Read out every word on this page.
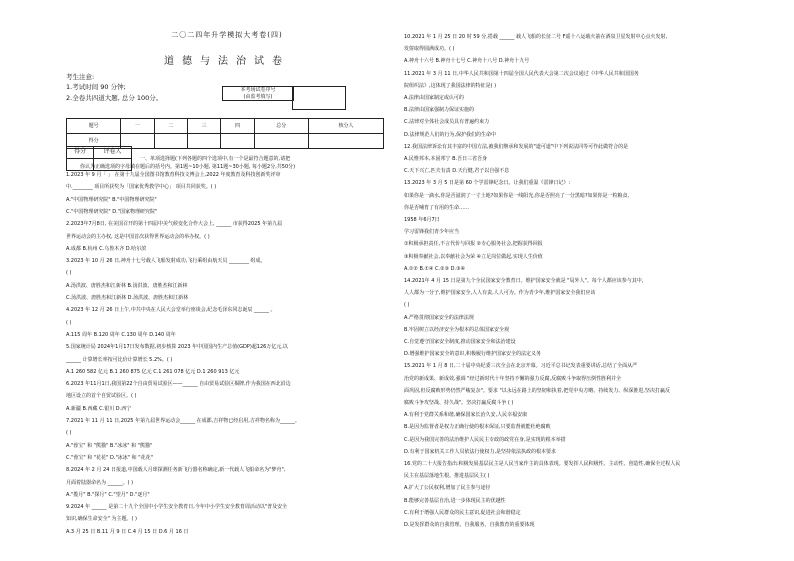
二〇二四年升学模拟大考卷(四)
道德与法治试卷
考生注意:
1.考试时间 90 分钟;
2.全卷共四道大题, 总分 100分。
本考场试卷序号
(由监考填写)
题号	一	二	三	四	总分	核分人
得分						
得分	评卷人

一、单项选择题(下列各题的四个选项中,有一个是最符合题意的,请把
1.2023 年 9 月「 」 在第十九届全国图书馆教育科技文博会上,2022 年度教育及科技创新奖评审
中.________ 项目所获奖为「国家优秀教学中心」 项目共同获奖。( )
A."中国物理研究院" B."中国物理研究院"
C."中国物理研究院" D."国家物理研究院"
2.2023年7月8日, 在美国召开的第十四届中美气候变化合作大会上, ______ 市获得2025 年第九届
世界运动会的主办权, 这是中国首次获得世界运动会的举办权。( )
A.成都 B.杭州 C.乌鲁木齐 D.哈尔滨
3.2023 年 10 月 26 日,神舟十七号载人飞船发射成功,飞行乘组由航天员 ________ 组成。
( )
A.汤洪波、唐胜杰和江新林 B.汤洪波、唐胜杰和江新林
C.汤洪波、唐胜杰和江新林 D.汤洪波、唐胜杰和江新林
4.2023 年 12 月 26 日上午,中共中央在人民大会堂举行座谈会,纪念毛泽东同志诞辰 ______ 。
( )
A.115 周年 B.120 周年 C.130 周年 D.140 周年
5.国家统计局 2024年1月17日发布数据,初步核算 2023 年中国国内生产总值(GDP)超126万亿元,以
______ 计算增长率按可比价计算增长 5.2%。( )
A.1 260 582 亿元 B.1 260 875 亿元 C.1 261 078 亿元 D.1 260 913 亿元
6.2023 年11月1日,我国第22个自由贸易试验区——______ 自由贸易试验区揭牌,作为我国在西北沿边
地区设立的首个自贸试验区。( )
A.新疆 B.西藏 C.银川 D.西宁
7.2021 年 11 月 11 日,2025 年第九届世界运动会______ 在成都,吉祥物已经启用,吉祥物名称为______。
( )
A."蓉宝" 和 "熊猫" B."冰冰" 和 "熊猫"
C."蓉宝" 和 "花花" D."冰冰" 和 "花花"
8.2024 年 2 月 24 日报道,中国载人月球探测任务新飞行器名称确定,新一代载人飞船命名为"梦舟",
月面着陆器命名为 ______。( )
A."揽月" B."探月" C."望月" D."逐月"
9.2024 年 ______ 是第二十九个全国中小学生安全教育日,今年中小学生安全教育周活动以"普及安全
知识,确保生命安全" 为主题。( )
A.3 月 25 日 B.11 月 9 日 C.4 月 15 日 D.6 月 16 日
10.2021 年 1 月 25 日 20 时 59 分,搭载 ______ 载人飞船的长征二号 F遥十八运载火箭在酒泉卫星发射中心点火发射,
发射取得圆满成功。( )
A.神舟十六号 B.神舟十七号 C.神舟十八号 D.神舟十九号
11.2021 年 3 月 11 日,中华人民共和国第十四届全国人民代表大会第二次会议通过《中华人民共和国国务
院组织法》,这体现了我国法律的特征是( )
A.法律由国家制定或认可的
B.法律由国家强制力保证实施的
C.法律对全体社会成员具有普遍约束力
D.法律规范人们的行为,保护我们的生命中
12.我国法律诉讼有其丰富的中国方法,被我们继承和发展的"道可道"中下列说法同等可作此做符合的是
A.民惟邦本,本固邦宁 B.吾日三省吾身
C.天下兴亡,匹夫有责 D.天行健,君子以自强不息
13.2023 年 3 月 5 日是第 60 个学雷锋纪念日。让我们重温《雷锋日记》:
如果你是一滴水,你是否滋润了一寸土地?如果你是一线阳光,你是否照亮了一分黑暗?如果你是一粒粮食,
你是否哺育了有用的生命……
1958 年6月7日
学习雷锋我们青少年应当
①积极承担责任,不言代价与回报 ②专心服务社会,把握获得回报
③积极奉献社会,以奉献社会为荣 ④立足岗位做起,实现人生价值
A.①② B.①④ C.②③ D.③④
14.2021年 4 月 15 日是第九个全民国家安全教育日。维护国家安全就是 "局外人"。每个人都应该参与其中,
人人都为一分子,维护国家安全,人人有责,人人可为。作为青少年,维护国家安全我们应该
( )
A.严格贯彻国家安全的法律法规
B.牢固树立以经济安全为根本的总体国家安全观
C.自觉遵守国家安全制度,推动国家安全和法治建设
D.增强维护国家安全的意识,积极履行维护国家安全的法定义务
15.2021 年 1 月 8 日,二十届中央纪委三次全会在北京开幕。习近平总书记发表重要讲话,总结了全面从严
治党的新成果、新成效,强调 "经过新时代十年坚持不懈的强力反腐,反腐败斗争取得压倒性胜利并全
面巩固,但反腐败形势仍然严峻复杂"。要求 "以永远在路上的坚韧和执着,把党中央方略、持续发力、纵深推进,坚决打赢反
腐败斗争攻坚战、持久战"。坚决打赢反腐斗争 ( )
A.有利于党群关系和谐,确保国家长治久安,人民幸福安康
B.是因为监督者是权力正确行使的根本保证,只要监督就能杜绝腐败
C.是因为我国完善的法治维护人民民主专政的政党在身,是实现的根本举措
D.有利于国家机关工作人员依法行使权力,是坚持依法执政的根本要求
16.党的二十大报告指出:积极发展基层民主是人民当家作主的具体表现。要发挥人民积极性、主动性、创造性,确保全过程人民
民主在基层落地生根。推进基层民主( )
A.扩大了公民权利,增加了民主参与途径
B.能够完善基层自治,进一步体现民主的优越性
C.有利于增强人民群众的民主意识,促进社会和谐稳定
D.是发挥群众的自我管理、自我服务、自我教育的重要体现
你认为正确选项的字母填在题后的括号内。第1题~10小题, 第11题~30小题, 每小题2分,共50分)
